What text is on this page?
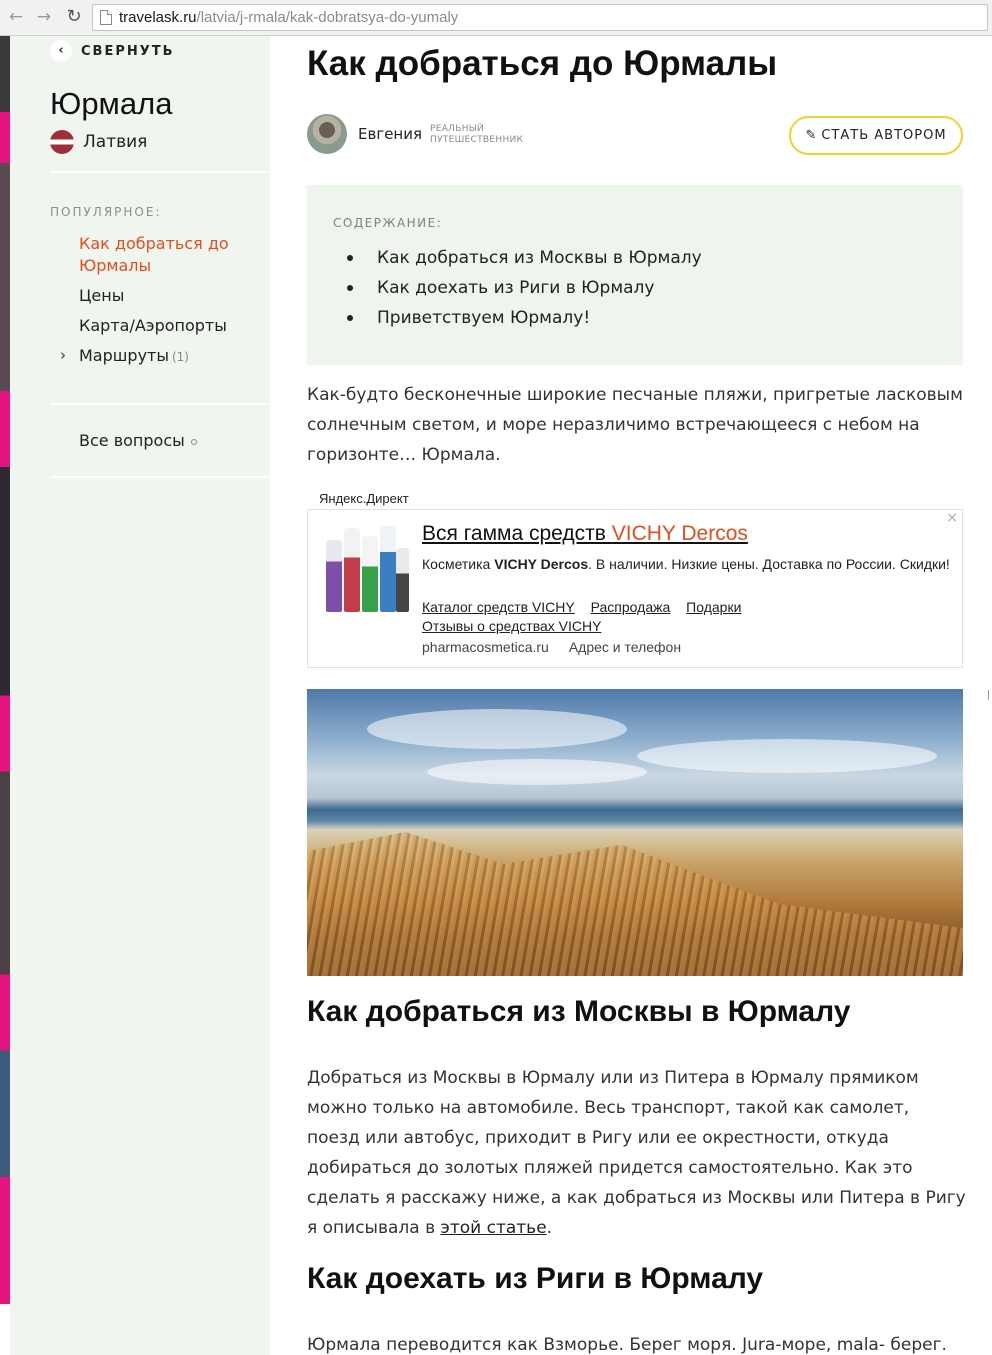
← → ↻ travelask.ru/latvia/j-rmala/kak-dobratsya-do-yumaly
‹	СВЕРНУТЬ
Юрмала
Латвия
ПОПУЛЯРНОЕ:
Как добраться до Юрмалы
Цены
Карта/Аэропорты
› Маршруты (1)
Все вопросы
Как добраться до Юрмалы
Евгения РЕАЛЬНЫЙ ПУТЕШЕСТВЕННИК	✎ СТАТЬ АВТОРОМ
СОДЕРЖАНИЕ:
Как добраться из Москвы в Юрмалу
Как доехать из Риги в Юрмалу
Приветствуем Юрмалу!

Как-будто бесконечные широкие песчаные пляжи, пригретые ласковым солнечным светом, и море неразличимо встречающееся с небом на горизонте… Юрмала.

Яндекс.Директ
×
Вся гамма средств VICHY Dercos
Косметика VICHY Dercos. В наличии. Низкие цены. Доставка по России. Скидки!
Каталог средств VICHY Распродажа Подарки
Отзывы о средствах VICHY
pharmacosmetica.ru Адрес и телефон
Как добраться из Москвы в Юрмалу

Добраться из Москвы в Юрмалу или из Питера в Юрмалу прямиком можно только на автомобиле. Весь транспорт, такой как самолет, поезд или автобус, приходит в Ригу или ее окрестности, откуда добираться до золотых пляжей придется самостоятельно. Как это сделать я расскажу ниже, а как добраться из Москвы или Питера в Ригу я описывала в этой статье.

Как доехать из Риги в Юрмалу

Юрмала переводится как Взморье. Берег моря. Jura-море, mala- берег.
